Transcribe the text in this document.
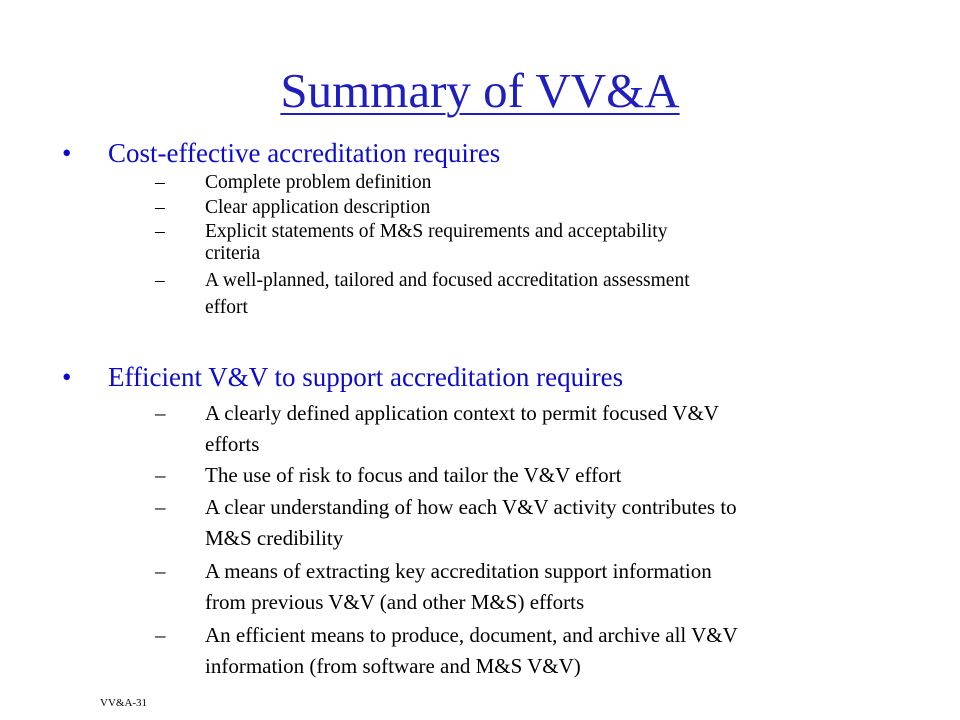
Summary of VV&A
• Cost-effective accreditation requires
– Complete problem definition
– Clear application description
– Explicit statements of M&S requirements and acceptability
criteria
– A well-planned, tailored and focused accreditation assessment
effort
• Efficient V&V to support accreditation requires
– A clearly defined application context to permit focused V&V
efforts
– The use of risk to focus and tailor the V&V effort
– A clear understanding of how each V&V activity contributes to
M&S credibility
– A means of extracting key accreditation support information
from previous V&V (and other M&S) efforts
– An efficient means to produce, document, and archive all V&V
information (from software and M&S V&V)
VV&A-31
